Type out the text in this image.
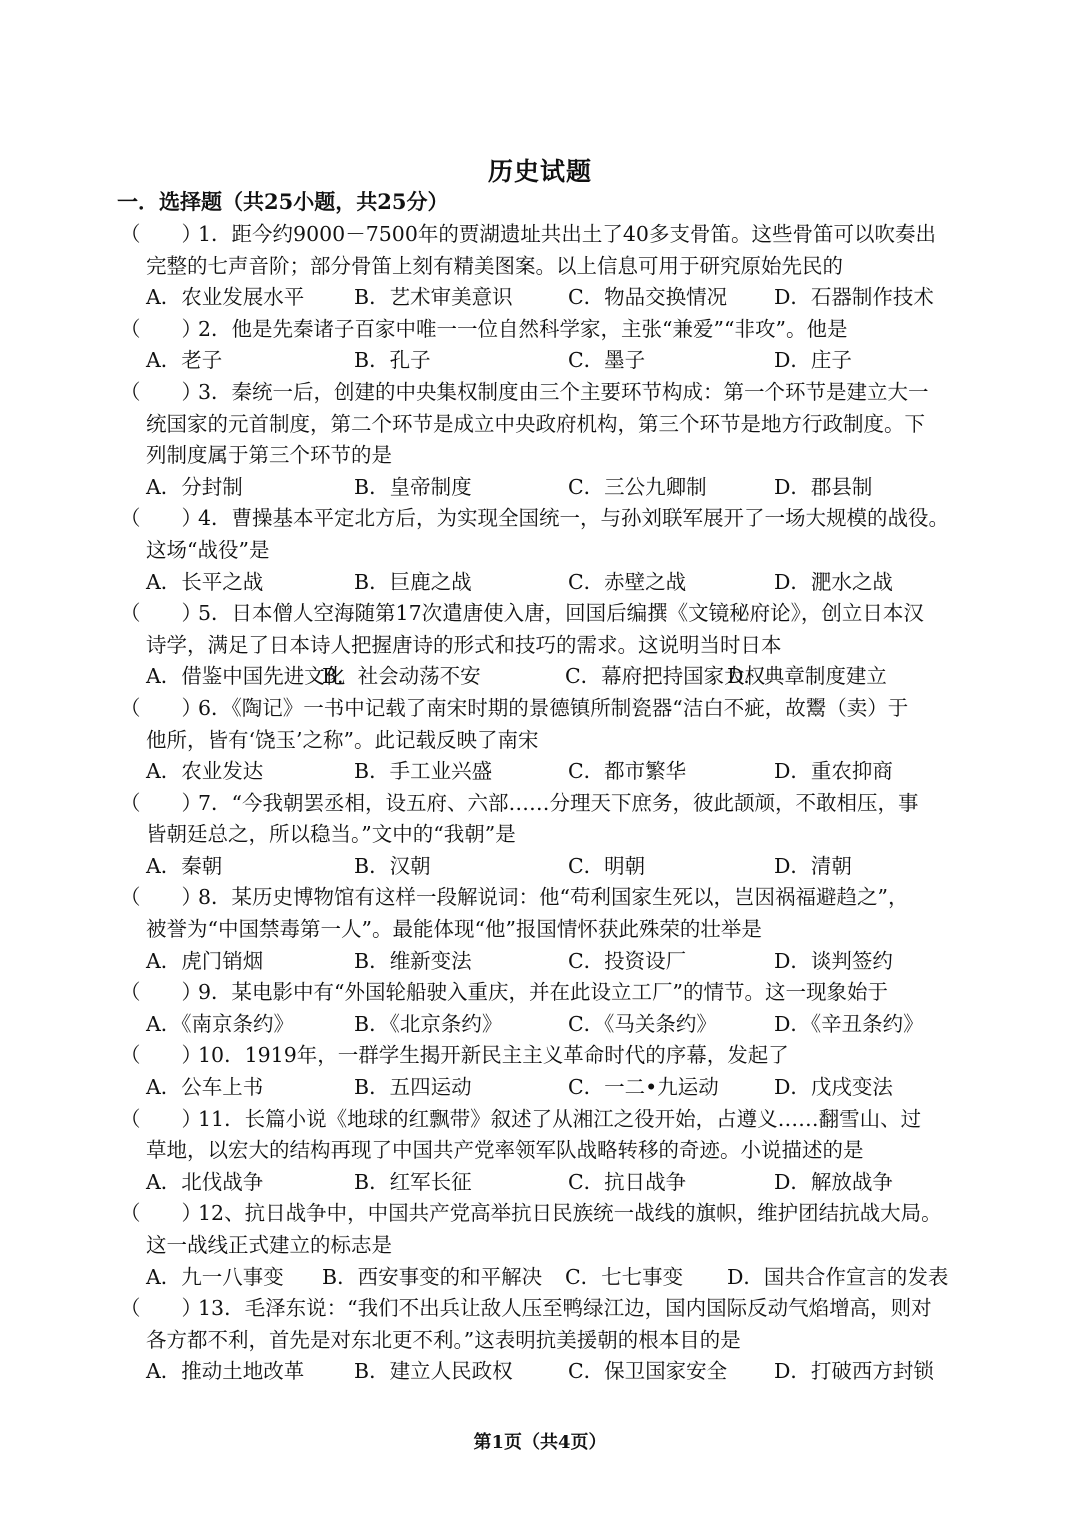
历史试题
一．选择题（共25小题，共25分）
（　　）1．距今约9000－7500年的贾湖遗址共出土了40多支骨笛。这些骨笛可以吹奏出
完整的七声音阶；部分骨笛上刻有精美图案。以上信息可用于研究原始先民的
A．农业发展水平	B．艺术审美意识	C．物品交换情况	D．石器制作技术
（　　）2．他是先秦诸子百家中唯一一位自然科学家，主张“兼爱”“非攻”。他是
A．老子	B．孔子	C．墨子	D．庄子
（　　）3．秦统一后，创建的中央集权制度由三个主要环节构成：第一个环节是建立大一
统国家的元首制度，第二个环节是成立中央政府机构，第三个环节是地方行政制度。下
列制度属于第三个环节的是
A．分封制	B．皇帝制度	C．三公九卿制	D．郡县制
（　　）4．曹操基本平定北方后，为实现全国统一，与孙刘联军展开了一场大规模的战役。
这场“战役”是
A．长平之战	B．巨鹿之战	C．赤壁之战	D．淝水之战
（　　）5．日本僧人空海随第17次遣唐使入唐，回国后编撰《文镜秘府论》，创立日本汉
诗学，满足了日本诗人把握唐诗的形式和技巧的需求。这说明当时日本
A．借鉴中国先进文化
B．社会动荡不安	C．幕府把持国家大权
D．典章制度建立
（　　）6．《陶记》一书中记载了南宋时期的景德镇所制瓷器“洁白不疵，故鬻（卖）于
他所，皆有‘饶玉’之称”。此记载反映了南宋
A．农业发达	B．手工业兴盛	C．都市繁华	D．重农抑商
（　　）7．“今我朝罢丞相，设五府、六部……分理天下庶务，彼此颉颃，不敢相压，事
皆朝廷总之，所以稳当。”文中的“我朝”是
A．秦朝	B．汉朝	C．明朝	D．清朝
（　　）8．某历史博物馆有这样一段解说词：他“苟利国家生死以，岂因祸福避趋之”，
被誉为“中国禁毒第一人”。最能体现“他”报国情怀获此殊荣的壮举是
A．虎门销烟	B．维新变法	C．投资设厂	D．谈判签约
（　　）9．某电影中有“外国轮船驶入重庆，并在此设立工厂”的情节。这一现象始于
A．《南京条约》	B．《北京条约》	C．《马关条约》	D．《辛丑条约》
（　　）10．1919年，一群学生揭开新民主主义革命时代的序幕，发起了
A．公车上书	B．五四运动	C．一二•九运动	D．戊戌变法
（　　）11．长篇小说《地球的红飘带》叙述了从湘江之役开始，占遵义……翻雪山、过
草地，以宏大的结构再现了中国共产党率领军队战略转移的奇迹。小说描述的是
A．北伐战争	B．红军长征	C．抗日战争	D．解放战争
（　　）12、抗日战争中，中国共产党高举抗日民族统一战线的旗帜，维护团结抗战大局。
这一战线正式建立的标志是
A．九一八事变	B．西安事变的和平解决	C．七七事变	D．国共合作宣言的发表
（　　）13．毛泽东说：“我们不出兵让敌人压至鸭绿江边，国内国际反动气焰增高，则对
各方都不利，首先是对东北更不利。”这表明抗美援朝的根本目的是
A．推动土地改革	B．建立人民政权	C．保卫国家安全	D．打破西方封锁
第1页（共4页）
